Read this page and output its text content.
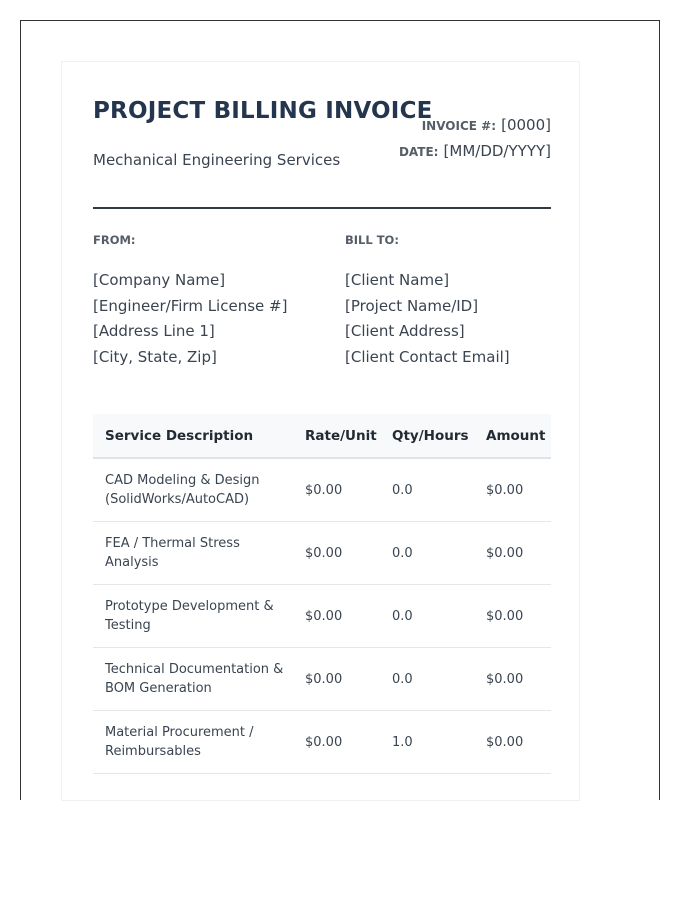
PROJECT BILLING INVOICE
Mechanical Engineering Services
INVOICE #: [0000]
DATE: [MM/DD/YYYY]
FROM:
[Company Name]
[Engineer/Firm License #]
[Address Line 1]
[City, State, Zip]
BILL TO:
[Client Name]
[Project Name/ID]
[Client Address]
[Client Contact Email]
Service Description	Rate/Unit	Qty/Hours	Amount
CAD Modeling & Design (SolidWorks/AutoCAD)	$0.00	0.0	$0.00
FEA / Thermal Stress Analysis	$0.00	0.0	$0.00
Prototype Development & Testing	$0.00	0.0	$0.00
Technical Documentation & BOM Generation	$0.00	0.0	$0.00
Material Procurement / Reimbursables	$0.00	1.0	$0.00
